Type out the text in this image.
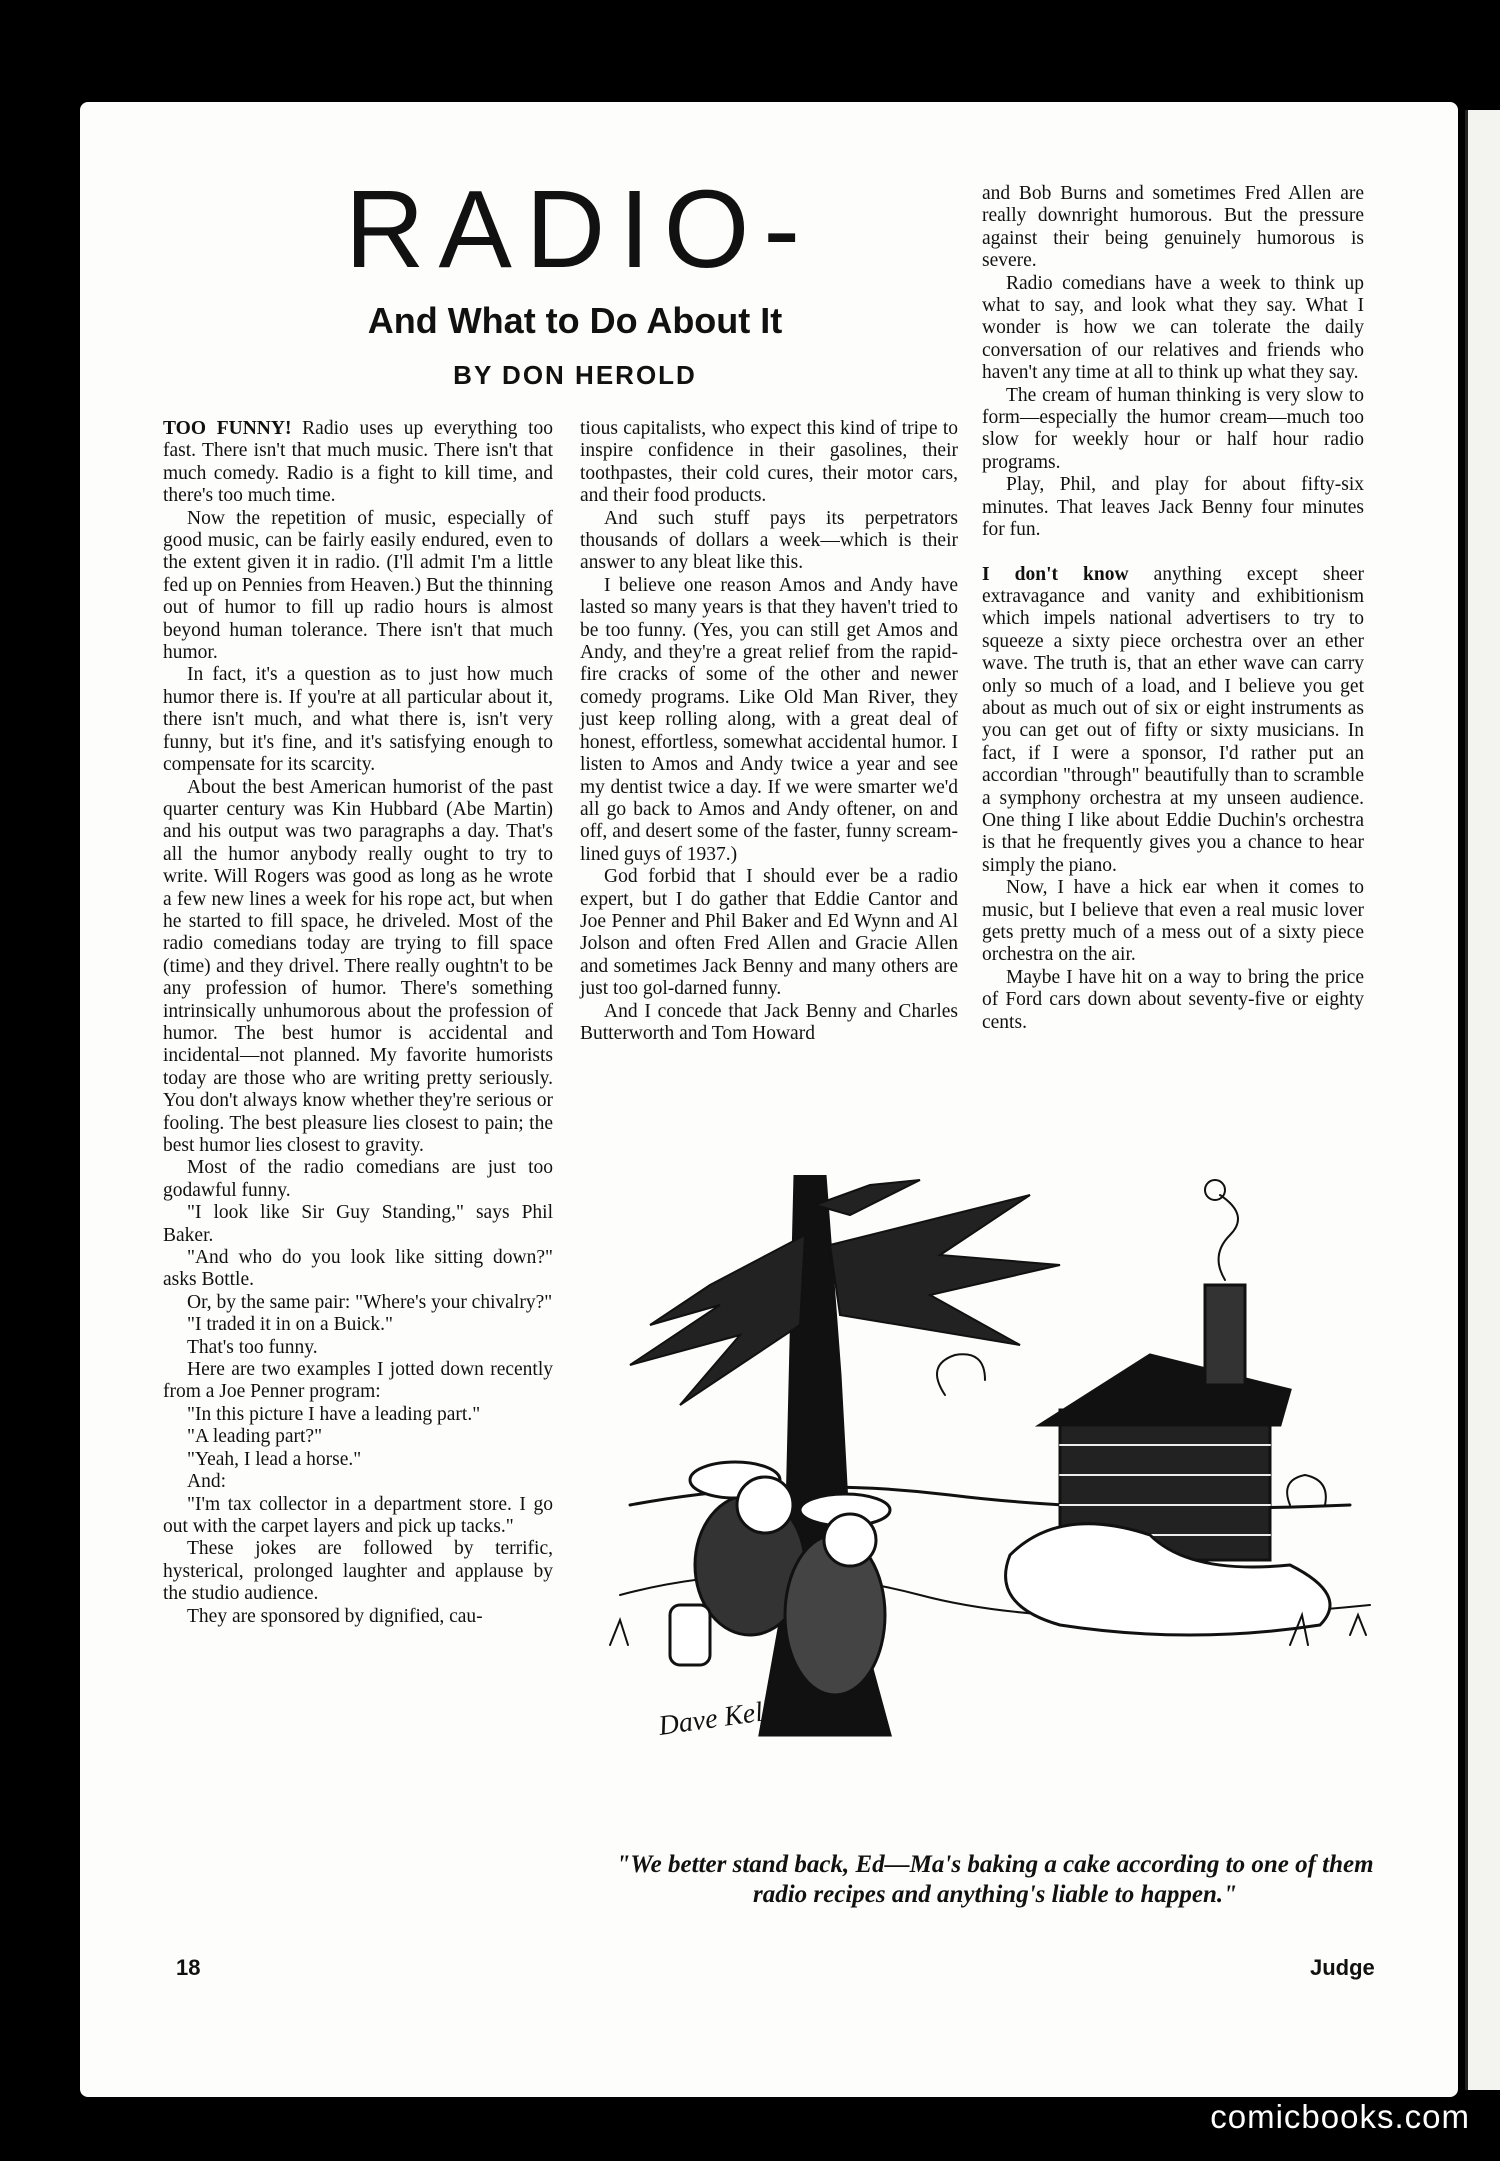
RADIO-
And What to Do About It
BY DON HEROLD

TOO FUNNY! Radio uses up everything too fast. There isn't that much music. There isn't that much comedy. Radio is a fight to kill time, and there's too much time.

Now the repetition of music, especially of good music, can be fairly easily endured, even to the extent given it in radio. (I'll admit I'm a little fed up on Pennies from Heaven.) But the thinning out of humor to fill up radio hours is almost beyond human tolerance. There isn't that much humor.

In fact, it's a question as to just how much humor there is. If you're at all particular about it, there isn't much, and what there is, isn't very funny, but it's fine, and it's satisfying enough to compensate for its scarcity.

About the best American humorist of the past quarter century was Kin Hubbard (Abe Martin) and his output was two paragraphs a day. That's all the humor anybody really ought to try to write. Will Rogers was good as long as he wrote a few new lines a week for his rope act, but when he started to fill space, he driveled. Most of the radio comedians today are trying to fill space (time) and they drivel. There really oughtn't to be any profession of humor. There's something intrinsically unhumorous about the profession of humor. The best humor is accidental and incidental—not planned. My favorite humorists today are those who are writing pretty seriously. You don't always know whether they're serious or fooling. The best pleasure lies closest to pain; the best humor lies closest to gravity.

Most of the radio comedians are just too godawful funny.

"I look like Sir Guy Standing," says Phil Baker.

"And who do you look like sitting down?" asks Bottle.

Or, by the same pair: "Where's your chivalry?"

"I traded it in on a Buick."

That's too funny.

Here are two examples I jotted down recently from a Joe Penner program:

"In this picture I have a leading part."

"A leading part?"

"Yeah, I lead a horse."

And:

"I'm tax collector in a department store. I go out with the carpet layers and pick up tacks."

These jokes are followed by terrific, hysterical, prolonged laughter and applause by the studio audience.

They are sponsored by dignified, cau-

tious capitalists, who expect this kind of tripe to inspire confidence in their gasolines, their toothpastes, their cold cures, their motor cars, and their food products.

And such stuff pays its perpetrators thousands of dollars a week—which is their answer to any bleat like this.

I believe one reason Amos and Andy have lasted so many years is that they haven't tried to be too funny. (Yes, you can still get Amos and Andy, and they're a great relief from the rapid-fire cracks of some of the other and newer comedy programs. Like Old Man River, they just keep rolling along, with a great deal of honest, effortless, somewhat accidental humor. I listen to Amos and Andy twice a year and see my dentist twice a day. If we were smarter we'd all go back to Amos and Andy oftener, on and off, and desert some of the faster, funny scream-lined guys of 1937.)

God forbid that I should ever be a radio expert, but I do gather that Eddie Cantor and Joe Penner and Phil Baker and Ed Wynn and Al Jolson and often Fred Allen and Gracie Allen and sometimes Jack Benny and many others are just too gol-darned funny.

And I concede that Jack Benny and Charles Butterworth and Tom Howard

and Bob Burns and sometimes Fred Allen are really downright humorous. But the pressure against their being genuinely humorous is severe.

Radio comedians have a week to think up what to say, and look what they say. What I wonder is how we can tolerate the daily conversation of our relatives and friends who haven't any time at all to think up what they say.

The cream of human thinking is very slow to form—especially the humor cream—much too slow for weekly hour or half hour radio programs.

Play, Phil, and play for about fifty-six minutes. That leaves Jack Benny four minutes for fun.

I don't know anything except sheer extravagance and vanity and exhibitionism which impels national advertisers to try to squeeze a sixty piece orchestra over an ether wave. The truth is, that an ether wave can carry only so much of a load, and I believe you get about as much out of six or eight instruments as you can get out of fifty or sixty musicians. In fact, if I were a sponsor, I'd rather put an accordian "through" beautifully than to scramble a symphony orchestra at my unseen audience. One thing I like about Eddie Duchin's orchestra is that he frequently gives you a chance to hear simply the piano.

Now, I have a hick ear when it comes to music, but I believe that even a real music lover gets pretty much of a mess out of a sixty piece orchestra on the air.

Maybe I have hit on a way to bring the price of Ford cars down about seventy-five or eighty cents.

Dave Keller

"We better stand back, Ed—Ma's baking a cake according to one of them radio recipes and anything's liable to happen."

18	Judge
comicbooks.com
